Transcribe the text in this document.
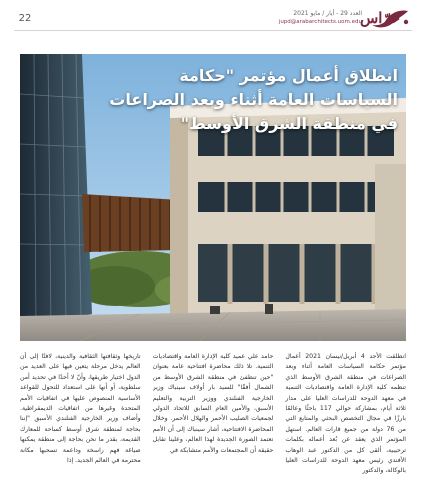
22	حرّاس
العدد 29 - أيار / مايو 2021
jupd@arabarchitects.uom.edu
انطلاق أعمال مؤتمر "حكامة السياسات العامة أثناء وبعد الصراعات في منطقة الشرق الأوسط"
انطلقت الأحد 4 أبريل/نيسان 2021 أعمال مؤتمر حكامة السياسات العامة أثناء وبعد الصراعات في منطقة الشرق الأوسط الذي تنظمه كلية الإدارة العامة واقتصاديات التنمية في معهد الدوحة للدراسات العليا على مدار ثلاثة أيام، بمشاركة حوالي 117 باحثًا وعالمًا بارزًا في مجال التخصص البحثي والمتابع التي من 76 دولة من جميع قارات العالم. استهل المؤتمر الذي يعقد عن بُعد أعماله بكلمات ترحيبية، ألقى كل من الدكتور عبد الوهاب الأفندي رئيس معهد الدوحة للدراسات العليا بالوكالة، والدكتور
حامد علي عميد كلية الإدارة العامة واقتصاديات التنمية. تلا ذلك محاضرة افتتاحية عامة بعنوان "حين تنطفئ في منطقة الشرق الأوسط من الشمال أفقًا" للسيد بار أولاف سينباك وزير الخارجية الفنلندي ووزير التربية والتعليم الأسبق، والأمين العام السابق للاتحاد الدولي لجمعيات الصليب الأحمر والهلال الأحمر. وخلال المحاضرة الافتتاحية، أشار سينباك إلى أن الأمم تعتمد الصورة الجديدة لهذا العالم، وعلينا تقابل حقيقة أن المجتمعات والأمم متشابكة في
تاريخها وثقافتها الثقافية والدينية، لافتًا إلى أن العالم يدخل مرحلة يتعين فيها على العديد من الدول اختيار طريقها، وأنّ لا أحدًا في تحديد أمن سلطوية، أو أنها على استعداد للتحول للقواعد الأساسية المنصوص عليها في اتفاقيات الأمم المتحدة وغيرها من اتفاقيات الديمقراطية. وأضاف وزير الخارجية الفنلندي الأسبق "إننا بحاجة لمنطقة شرق أوسط كساحة للمعارك القديمة، بقدر ما نحن بحاجة إلى منطقة يمكنها صياغة فهم راسخة وداعمة تسحبها مكانة محترمة في العالم الجديد. إذا
